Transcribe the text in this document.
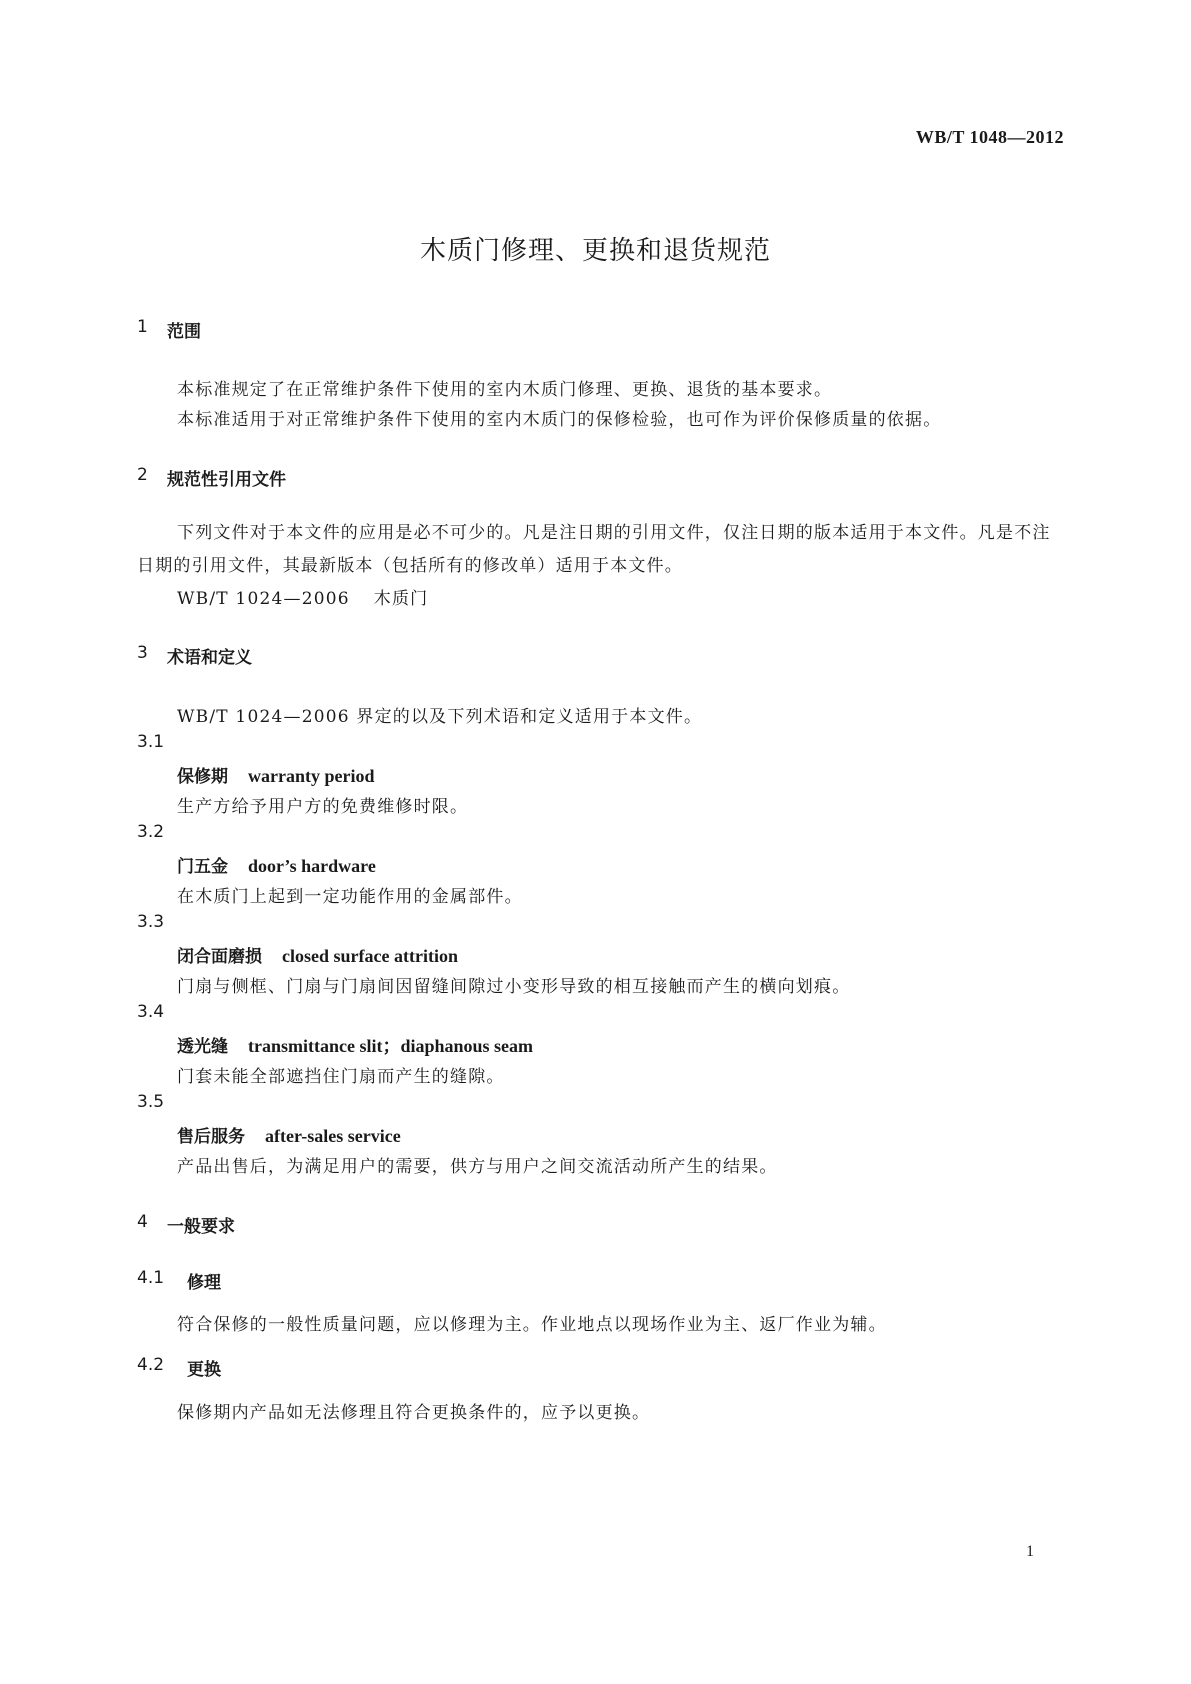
WB/T 1048—2012
木质门修理、更换和退货规范
1	范围
本标准规定了在正常维护条件下使用的室内木质门修理、更换、退货的基本要求。
本标准适用于对正常维护条件下使用的室内木质门的保修检验，也可作为评价保修质量的依据。
2	规范性引用文件

下列文件对于本文件的应用是必不可少的。凡是注日期的引用文件，仅注日期的版本适用于本文件。凡是不注日期的引用文件，其最新版本（包括所有的修改单）适用于本文件。

WB/T 1024—2006 木质门
3	术语和定义
WB/T 1024—2006 界定的以及下列术语和定义适用于本文件。
3.1
保修期 warranty period
生产方给予用户方的免费维修时限。
3.2
门五金 door’s hardware
在木质门上起到一定功能作用的金属部件。
3.3
闭合面磨损 closed surface attrition
门扇与侧框、门扇与门扇间因留缝间隙过小变形导致的相互接触而产生的横向划痕。
3.4
透光缝 transmittance slit；diaphanous seam
门套未能全部遮挡住门扇而产生的缝隙。
3.5
售后服务 after-sales service
产品出售后，为满足用户的需要，供方与用户之间交流活动所产生的结果。
4	一般要求
4.1	修理
符合保修的一般性质量问题，应以修理为主。作业地点以现场作业为主、返厂作业为辅。
4.2	更换
保修期内产品如无法修理且符合更换条件的，应予以更换。
1
